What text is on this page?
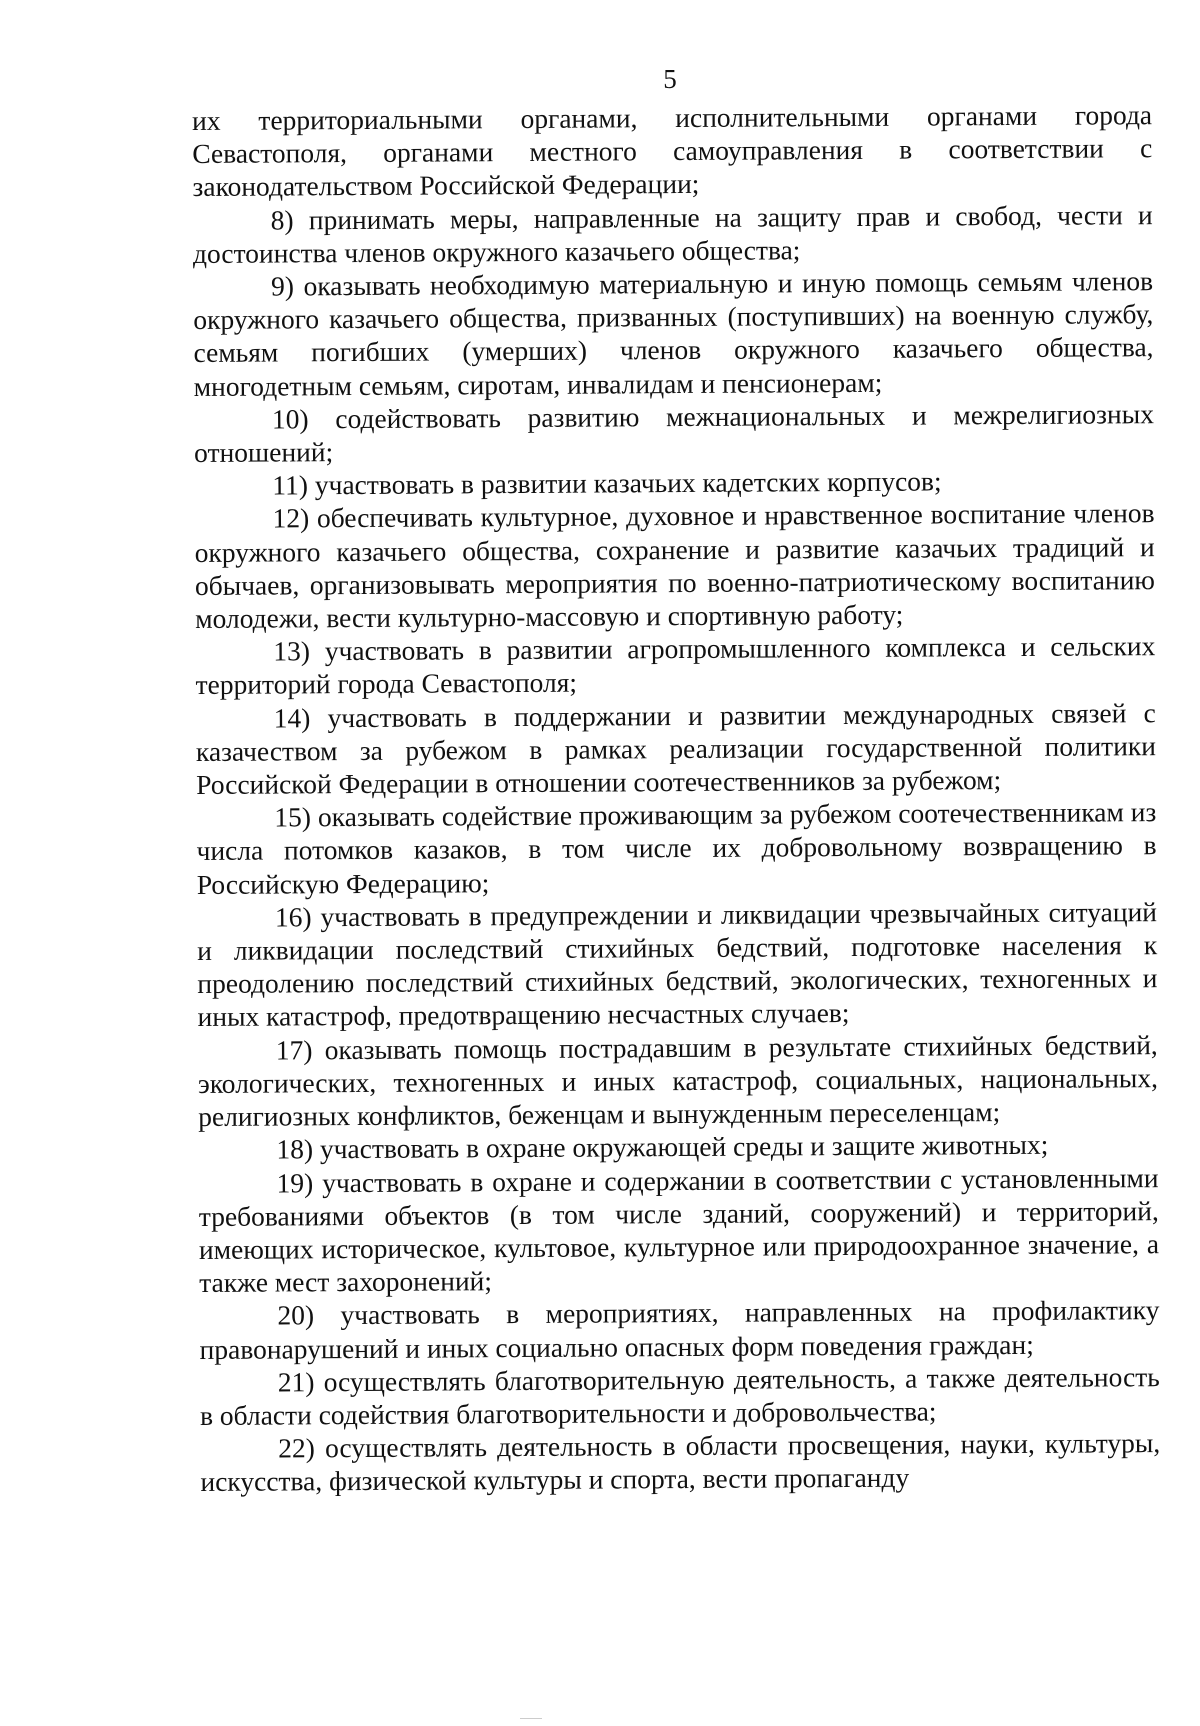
5

их территориальными органами, исполнительными органами города Севастополя, органами местного самоуправления в соответствии с законодательством Российской Федерации;

8) принимать меры, направленные на защиту прав и свобод, чести и достоинства членов окружного казачьего общества;

9) оказывать необходимую материальную и иную помощь семьям членов окружного казачьего общества, призванных (поступивших) на военную службу, семьям погибших (умерших) членов окружного казачьего общества, многодетным семьям, сиротам, инвалидам и пенсионерам;

10) содействовать развитию межнациональных и межрелигиозных отношений;

11) участвовать в развитии казачьих кадетских корпусов;

12) обеспечивать культурное, духовное и нравственное воспитание членов окружного казачьего общества, сохранение и развитие казачьих традиций и обычаев, организовывать мероприятия по военно-патриотическому воспитанию молодежи, вести культурно-массовую и спортивную работу;

13) участвовать в развитии агропромышленного комплекса и сельских территорий города Севастополя;

14) участвовать в поддержании и развитии международных связей с казачеством за рубежом в рамках реализации государственной политики Российской Федерации в отношении соотечественников за рубежом;

15) оказывать содействие проживающим за рубежом соотечественникам из числа потомков казаков, в том числе их добровольному возвращению в Российскую Федерацию;

16) участвовать в предупреждении и ликвидации чрезвычайных ситуаций и ликвидации последствий стихийных бедствий, подготовке населения к преодолению последствий стихийных бедствий, экологических, техногенных и иных катастроф, предотвращению несчастных случаев;

17) оказывать помощь пострадавшим в результате стихийных бедствий, экологических, техногенных и иных катастроф, социальных, национальных, религиозных конфликтов, беженцам и вынужденным переселенцам;

18) участвовать в охране окружающей среды и защите животных;

19) участвовать в охране и содержании в соответствии с установленными требованиями объектов (в том числе зданий, сооружений) и территорий, имеющих историческое, культовое, культурное или природоохранное значение, а также мест захоронений;

20) участвовать в мероприятиях, направленных на профилактику правонарушений и иных социально опасных форм поведения граждан;

21) осуществлять благотворительную деятельность, а также деятельность в области содействия благотворительности и добровольчества;

22) осуществлять деятельность в области просвещения, науки, культуры, искусства, физической культуры и спорта, вести пропаганду
